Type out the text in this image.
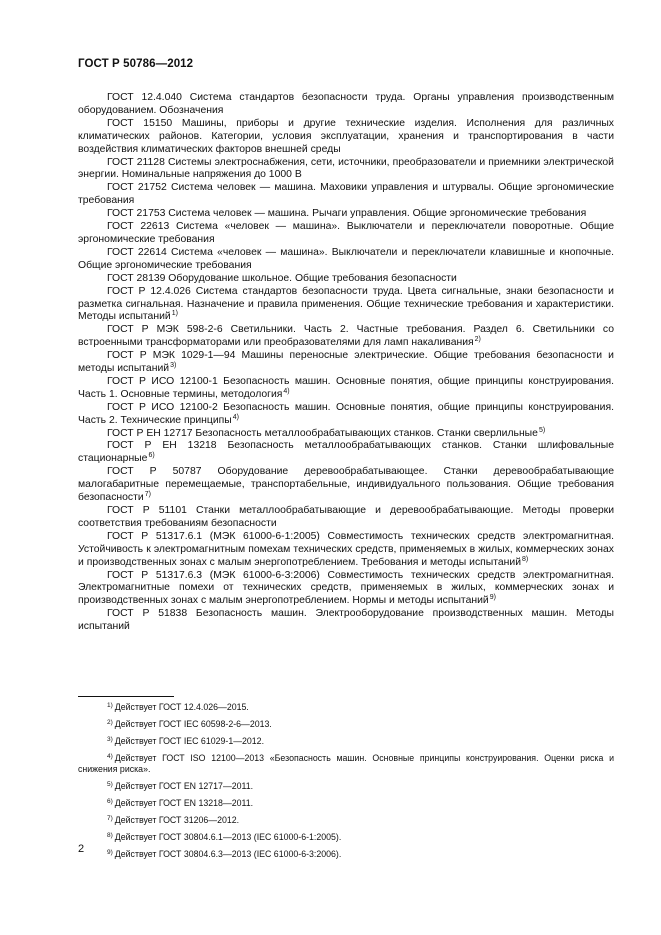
ГОСТ Р 50786—2012

ГОСТ 12.4.040 Система стандартов безопасности труда. Органы управления производственным оборудованием. Обозначения

ГОСТ 15150 Машины, приборы и другие технические изделия. Исполнения для различных климатических районов. Категории, условия эксплуатации, хранения и транспортирования в части воздействия климатических факторов внешней среды

ГОСТ 21128 Системы электроснабжения, сети, источники, преобразователи и приемники электрической энергии. Номинальные напряжения до 1000 В

ГОСТ 21752 Система человек — машина. Маховики управления и штурвалы. Общие эргономические требования

ГОСТ 21753 Система человек — машина. Рычаги управления. Общие эргономические требования

ГОСТ 22613 Система «человек — машина». Выключатели и переключатели поворотные. Общие эргономические требования

ГОСТ 22614 Система «человек — машина». Выключатели и переключатели клавишные и кнопочные. Общие эргономические требования

ГОСТ 28139 Оборудование школьное. Общие требования безопасности

ГОСТ Р 12.4.026 Система стандартов безопасности труда. Цвета сигнальные, знаки безопасности и разметка сигнальная. Назначение и правила применения. Общие технические требования и характеристики. Методы испытаний$^{1)}$

ГОСТ Р МЭК 598-2-6 Светильники. Часть 2. Частные требования. Раздел 6. Светильники со встроенными трансформаторами или преобразователями для ламп накаливания$^{2)}$

ГОСТ Р МЭК 1029-1—94 Машины переносные электрические. Общие требования безопасности и методы испытаний$^{3)}$

ГОСТ Р ИСО 12100-1 Безопасность машин. Основные понятия, общие принципы конструирования. Часть 1. Основные термины, методология$^{4)}$

ГОСТ Р ИСО 12100-2 Безопасность машин. Основные понятия, общие принципы конструирования. Часть 2. Технические принципы$^{4)}$

ГОСТ Р ЕН 12717 Безопасность металлообрабатывающих станков. Станки сверлильные$^{5)}$

ГОСТ Р ЕН 13218 Безопасность металлообрабатывающих станков. Станки шлифовальные стационарные$^{6)}$

ГОСТ Р 50787 Оборудование деревообрабатывающее. Станки деревообрабатывающие малогабаритные перемещаемые, транспортабельные, индивидуального пользования. Общие требования безопасности$^{7)}$

ГОСТ Р 51101 Станки металлообрабатывающие и деревообрабатывающие. Методы проверки соответствия требованиям безопасности

ГОСТ Р 51317.6.1 (МЭК 61000-6-1:2005) Совместимость технических средств электромагнитная. Устойчивость к электромагнитным помехам технических средств, применяемых в жилых, коммерческих зонах и производственных зонах с малым энергопотреблением. Требования и методы испытаний$^{8)}$

ГОСТ Р 51317.6.3 (МЭК 61000-6-3:2006) Совместимость технических средств электромагнитная. Электромагнитные помехи от технических средств, применяемых в жилых, коммерческих зонах и производственных зонах с малым энергопотреблением. Нормы и методы испытаний$^{9)}$

ГОСТ Р 51838 Безопасность машин. Электрооборудование производственных машин. Методы испытаний

$^{1)}$ Действует ГОСТ 12.4.026—2015.

$^{2)}$ Действует ГОСТ IEC 60598-2-6—2013.

$^{3)}$ Действует ГОСТ IEC 61029-1—2012.

$^{4)}$ Действует ГОСТ ISO 12100—2013 «Безопасность машин. Основные принципы конструирования. Оценки риска и снижения риска».

$^{5)}$ Действует ГОСТ EN 12717—2011.

$^{6)}$ Действует ГОСТ EN 13218—2011.

$^{7)}$ Действует ГОСТ 31206—2012.

$^{8)}$ Действует ГОСТ 30804.6.1—2013 (IEC 61000-6-1:2005).

$^{9)}$ Действует ГОСТ 30804.6.3—2013 (IEC 61000-6-3:2006).

2
